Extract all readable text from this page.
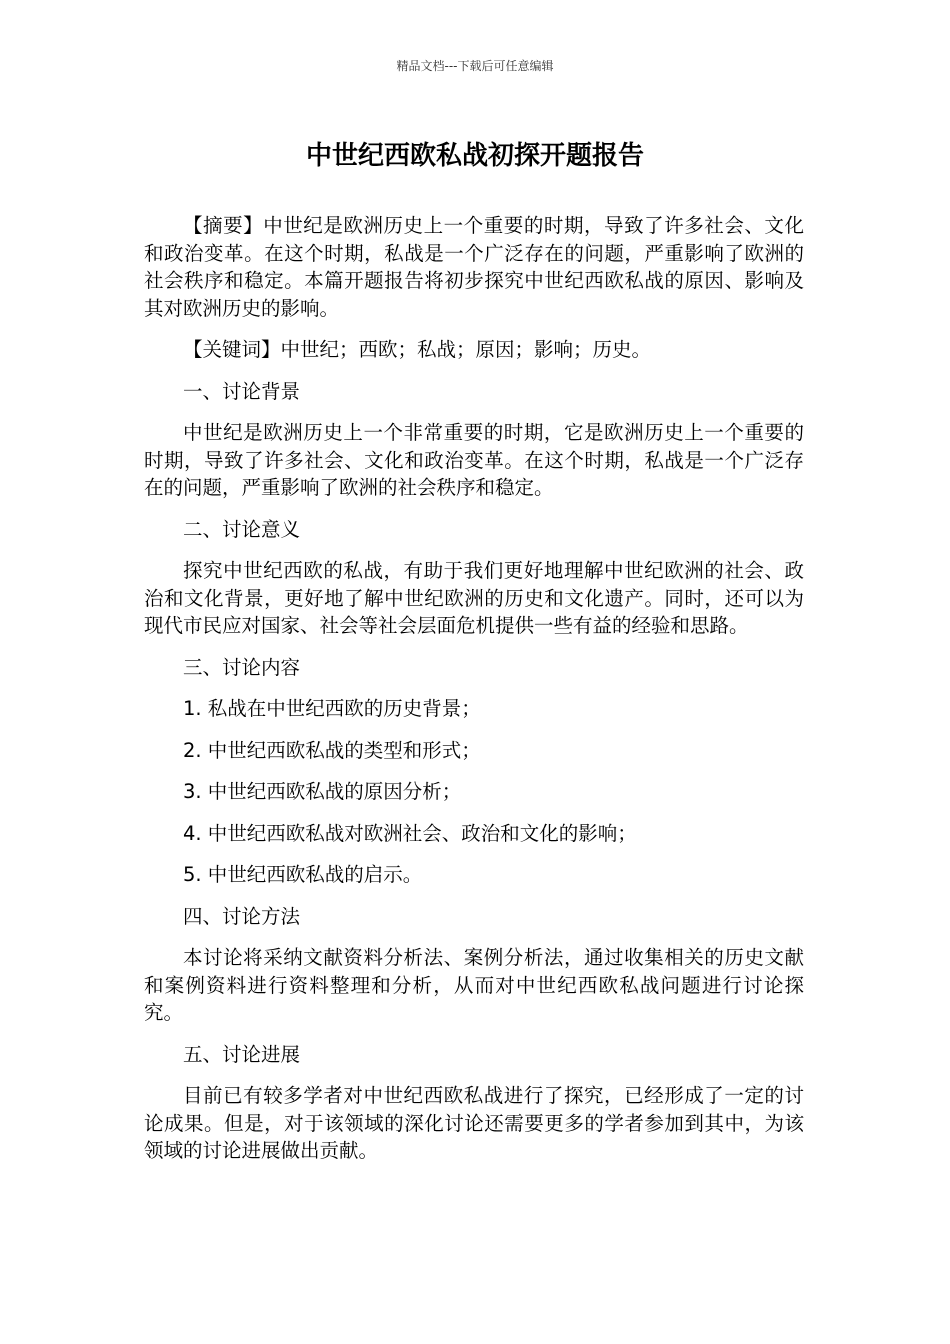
精品文档---下载后可任意编辑
中世纪西欧私战初探开题报告

【摘要】中世纪是欧洲历史上一个重要的时期，导致了许多社会、文化和政治变革。在这个时期，私战是一个广泛存在的问题，严重影响了欧洲的社会秩序和稳定。本篇开题报告将初步探究中世纪西欧私战的原因、影响及其对欧洲历史的影响。

【关键词】中世纪；西欧；私战；原因；影响；历史。

一、讨论背景

中世纪是欧洲历史上一个非常重要的时期，它是欧洲历史上一个重要的时期，导致了许多社会、文化和政治变革。在这个时期，私战是一个广泛存在的问题，严重影响了欧洲的社会秩序和稳定。

二、讨论意义

探究中世纪西欧的私战，有助于我们更好地理解中世纪欧洲的社会、政治和文化背景，更好地了解中世纪欧洲的历史和文化遗产。同时，还可以为现代市民应对国家、社会等社会层面危机提供一些有益的经验和思路。

三、讨论内容

1. 私战在中世纪西欧的历史背景；

2. 中世纪西欧私战的类型和形式；

3. 中世纪西欧私战的原因分析；

4. 中世纪西欧私战对欧洲社会、政治和文化的影响；

5. 中世纪西欧私战的启示。

四、讨论方法

本讨论将采纳文献资料分析法、案例分析法，通过收集相关的历史文献和案例资料进行资料整理和分析，从而对中世纪西欧私战问题进行讨论探究。

五、讨论进展

目前已有较多学者对中世纪西欧私战进行了探究，已经形成了一定的讨论成果。但是，对于该领域的深化讨论还需要更多的学者参加到其中，为该领域的讨论进展做出贡献。
